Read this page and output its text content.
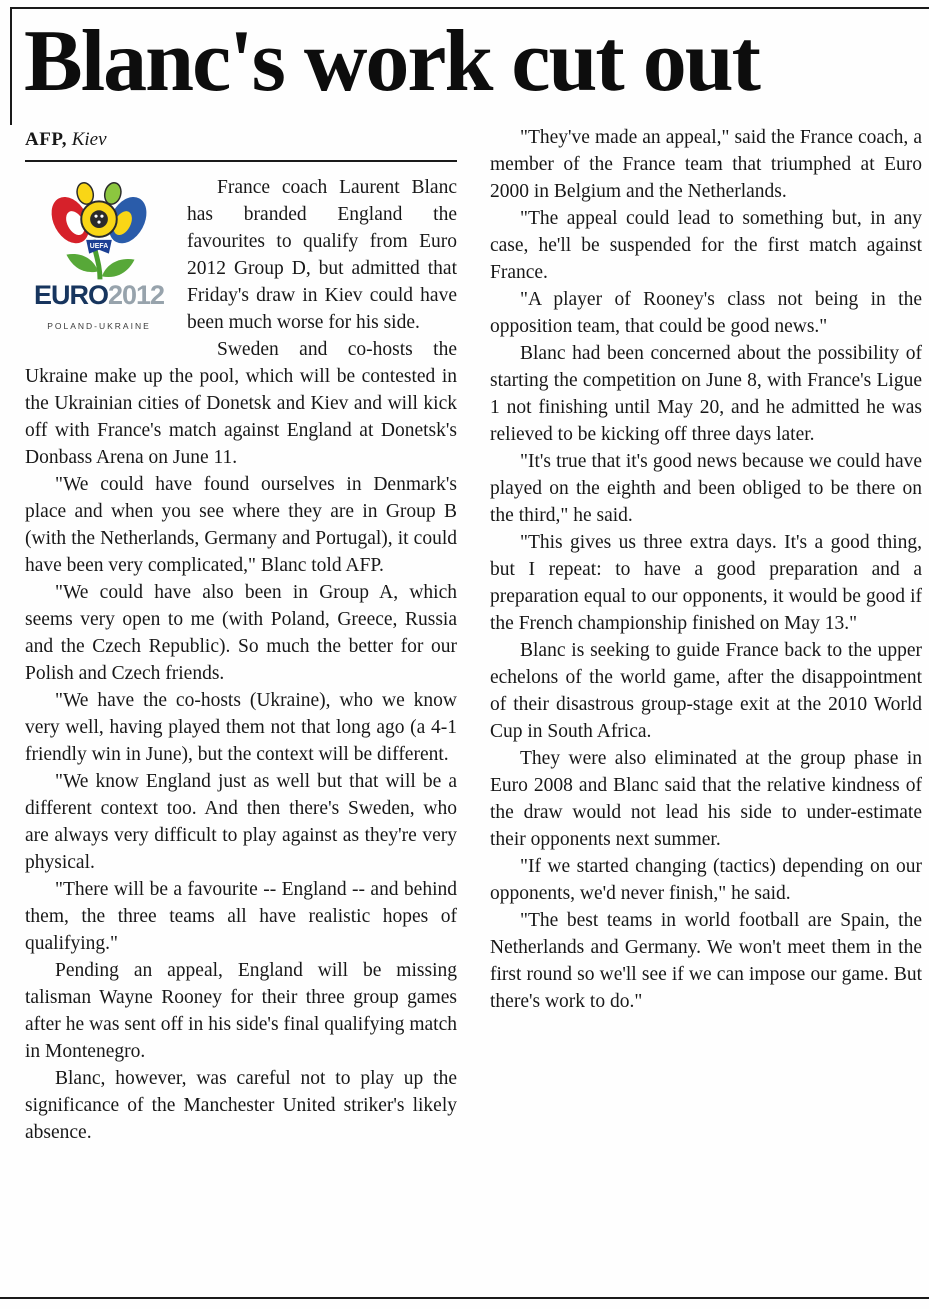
Blanc's work cut out
AFP, Kiev
UEFA
EURO2012
POLAND-UKRAINE

France coach Laurent Blanc has branded England the favourites to qualify from Euro 2012 Group D, but admitted that Friday's draw in Kiev could have been much worse for his side.

Sweden and co-hosts the Ukraine make up the pool, which will be contested in the Ukrainian cities of Donetsk and Kiev and will kick off with France's match against England at Donetsk's Donbass Arena on June 11.

"We could have found ourselves in Denmark's place and when you see where they are in Group B (with the Netherlands, Germany and Portugal), it could have been very complicated," Blanc told AFP.

"We could have also been in Group A, which seems very open to me (with Poland, Greece, Russia and the Czech Republic). So much the better for our Polish and Czech friends.

"We have the co-hosts (Ukraine), who we know very well, having played them not that long ago (a 4-1 friendly win in June), but the context will be different.

"We know England just as well but that will be a different context too. And then there's Sweden, who are always very difficult to play against as they're very physical.

"There will be a favourite -- England -- and behind them, the three teams all have realistic hopes of qualifying."

Pending an appeal, England will be missing talisman Wayne Rooney for their three group games after he was sent off in his side's final qualifying match in Montenegro.

Blanc, however, was careful not to play up the significance of the Manchester United striker's likely absence.

"They've made an appeal," said the France coach, a member of the France team that triumphed at Euro 2000 in Belgium and the Netherlands.

"The appeal could lead to something but, in any case, he'll be suspended for the first match against France.

"A player of Rooney's class not being in the opposition team, that could be good news."

Blanc had been concerned about the possibility of starting the competition on June 8, with France's Ligue 1 not finishing until May 20, and he admitted he was relieved to be kicking off three days later.

"It's true that it's good news because we could have played on the eighth and been obliged to be there on the third," he said.

"This gives us three extra days. It's a good thing, but I repeat: to have a good preparation and a preparation equal to our opponents, it would be good if the French championship finished on May 13."

Blanc is seeking to guide France back to the upper echelons of the world game, after the disappointment of their disastrous group-stage exit at the 2010 World Cup in South Africa.

They were also eliminated at the group phase in Euro 2008 and Blanc said that the relative kindness of the draw would not lead his side to under-estimate their opponents next summer.

"If we started changing (tactics) depending on our opponents, we'd never finish," he said.

"The best teams in world football are Spain, the Netherlands and Germany. We won't meet them in the first round so we'll see if we can impose our game. But there's work to do."
